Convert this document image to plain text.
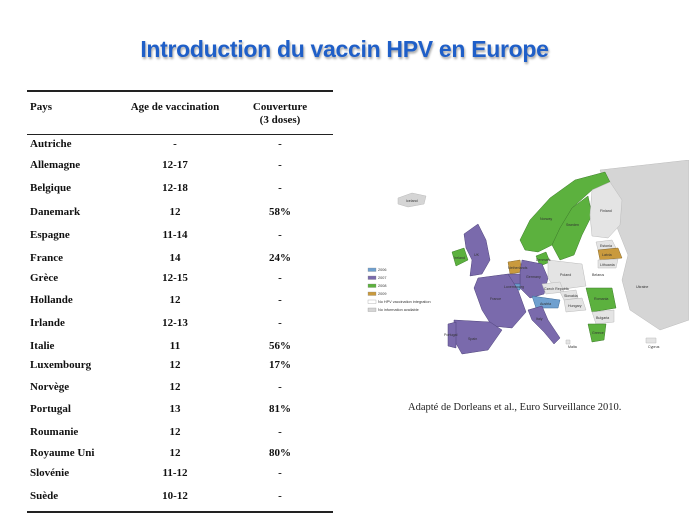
Introduction du vaccin HPV en Europe
Pays	Age de vaccination	Couverture
(3 doses)
Autriche	-	-
Allemagne	12-17	-
Belgique	12-18	-
Danemark	12	58%
Espagne	11-14	-
France	14	24%
Grèce	12-15	-
Hollande	12	-
Irlande	12-13	-
Italie	11	56%
Luxembourg	12	17%
Norvège	12	-
Portugal	13	81%
Roumanie	12	-
Royaume Uni	12	80%
Slovénie	11-12	-
Suède	10-12	-
Iceland
Norway
Sweden
Finland
Estonia
Latvia
Lithuania
Denmark
Ireland
UK
Netherlands
Germany	Poland	Belarus
Ukraine
Luxembourg	Czech Republic
Slovakia
Austria	Hungary
France	Romania
Bulgaria
Portugal
Spain
Italy
Greece
Malta	Cyprus
2006
2007
2008
2009
No HPV vaccination integration
No information available
Adapté de Dorleans et al., Euro Surveillance 2010.
